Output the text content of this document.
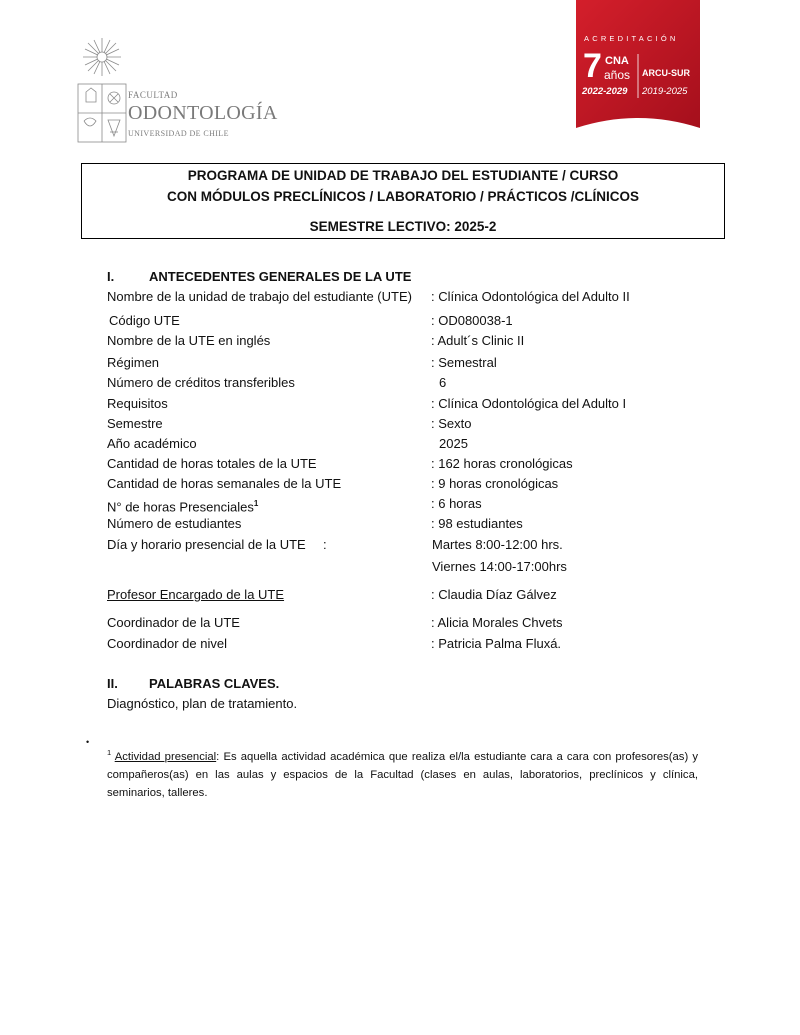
FACULTAD
ODONTOLOGÍA
UNIVERSIDAD DE CHILE
ACREDITACIÓN
7 CNA
años
2022-2029
ARCU-SUR
2019-2025
PROGRAMA DE UNIDAD DE TRABAJO DEL ESTUDIANTE / CURSO
CON MÓDULOS PRECLÍNICOS / LABORATORIO / PRÁCTICOS /CLÍNICOS
SEMESTRE LECTIVO: 2025-2
I.	ANTECEDENTES GENERALES DE LA UTE
Nombre de la unidad de trabajo del estudiante (UTE) : Clínica Odontológica del Adulto II
Código UTE	: OD080038-1
Nombre de la UTE en inglés	: Adult´s Clinic II
Régimen	: Semestral
Número de créditos transferibles	6
Requisitos	: Clínica Odontológica del Adulto I
Semestre	: Sexto
Año académico	2025
Cantidad de horas totales de la UTE	: 162 horas cronológicas
Cantidad de horas semanales de la UTE	: 9 horas cronológicas
N° de horas Presenciales$^1$	: 6 horas
Número de estudiantes	: 98 estudiantes
Día y horario presencial de la UTE :	Martes 8:00-12:00 hrs.
Viernes 14:00-17:00hrs
Profesor Encargado de la UTE	: Claudia Díaz Gálvez
Coordinador de la UTE	: Alicia Morales Chvets
Coordinador de nivel	: Patricia Palma Fluxá.
II. PALABRAS CLAVES.
Diagnóstico, plan de tratamiento.
•
$^1$ Actividad presencial: Es aquella actividad académica que realiza el/la estudiante cara a cara con profesores(as) y compañeros(as) en las aulas y espacios de la Facultad (clases en aulas, laboratorios, preclínicos y clínica, seminarios, talleres.
